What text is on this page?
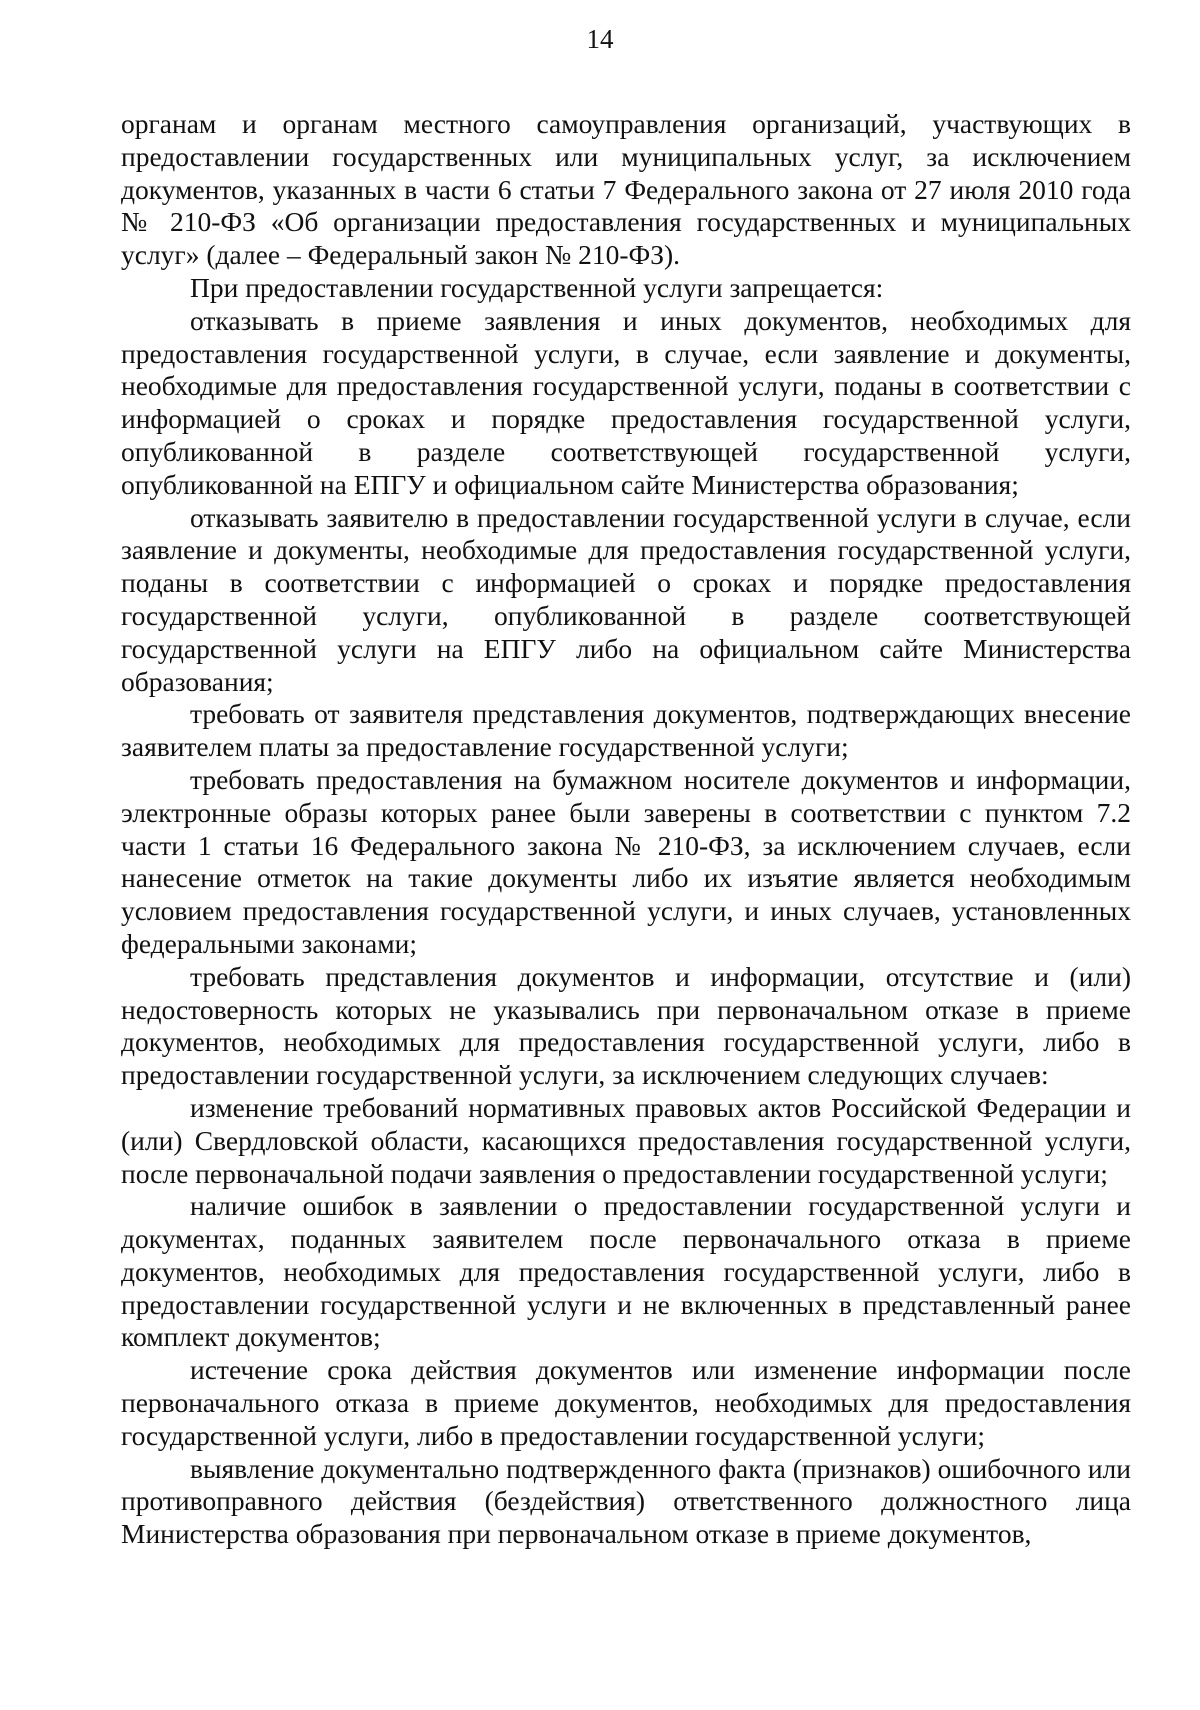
14

органам и органам местного самоуправления организаций, участвующих в предоставлении государственных или муниципальных услуг, за исключением документов, указанных в части 6 статьи 7 Федерального закона от 27 июля 2010 года № 210-ФЗ «Об организации предоставления государственных и муниципальных услуг» (далее – Федеральный закон № 210-ФЗ).

При предоставлении государственной услуги запрещается:

отказывать в приеме заявления и иных документов, необходимых для предоставления государственной услуги, в случае, если заявление и документы, необходимые для предоставления государственной услуги, поданы в соответствии с информацией о сроках и порядке предоставления государственной услуги, опубликованной в разделе соответствующей государственной услуги, опубликованной на ЕПГУ и официальном сайте Министерства образования;

отказывать заявителю в предоставлении государственной услуги в случае, если заявление и документы, необходимые для предоставления государственной услуги, поданы в соответствии с информацией о сроках и порядке предоставления государственной услуги, опубликованной в разделе соответствующей государственной услуги на ЕПГУ либо на официальном сайте Министерства образования;

требовать от заявителя представления документов, подтверждающих внесение заявителем платы за предоставление государственной услуги;

требовать предоставления на бумажном носителе документов и информации, электронные образы которых ранее были заверены в соответствии с пунктом 7.2 части 1 статьи 16 Федерального закона № 210-ФЗ, за исключением случаев, если нанесение отметок на такие документы либо их изъятие является необходимым условием предоставления государственной услуги, и иных случаев, установленных федеральными законами;

требовать представления документов и информации, отсутствие и (или) недостоверность которых не указывались при первоначальном отказе в приеме документов, необходимых для предоставления государственной услуги, либо в предоставлении государственной услуги, за исключением следующих случаев:

изменение требований нормативных правовых актов Российской Федерации и (или) Свердловской области, касающихся предоставления государственной услуги, после первоначальной подачи заявления о предоставлении государственной услуги;

наличие ошибок в заявлении о предоставлении государственной услуги и документах, поданных заявителем после первоначального отказа в приеме документов, необходимых для предоставления государственной услуги, либо в предоставлении государственной услуги и не включенных в представленный ранее комплект документов;

истечение срока действия документов или изменение информации после первоначального отказа в приеме документов, необходимых для предоставления государственной услуги, либо в предоставлении государственной услуги;

выявление документально подтвержденного факта (признаков) ошибочного или противоправного действия (бездействия) ответственного должностного лица Министерства образования при первоначальном отказе в приеме документов,
